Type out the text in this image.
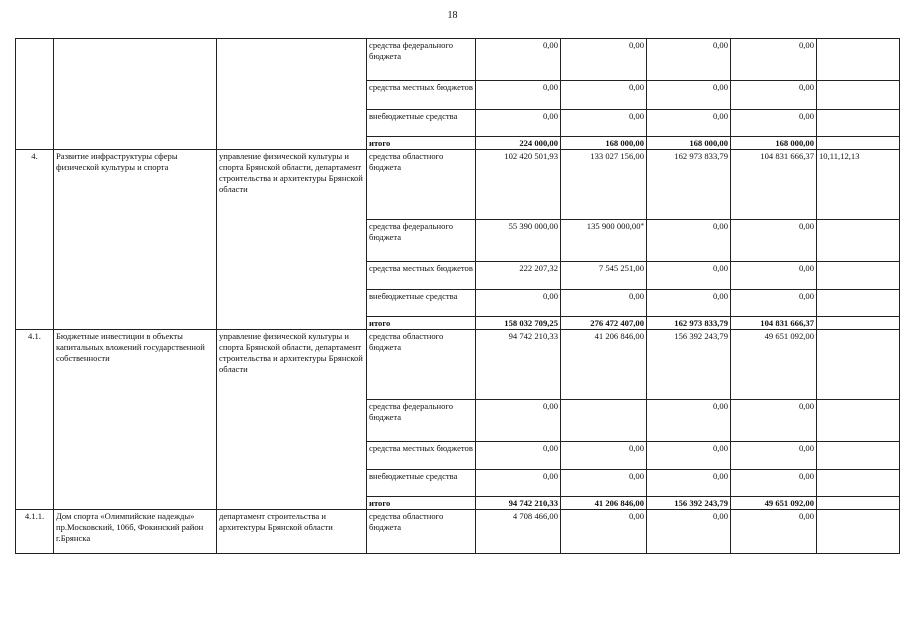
18
			средства федерального бюджета	0,00	0,00	0,00	0,00	
			средства местных бюджетов	0,00	0,00	0,00	0,00	
			внебюджетные средства	0,00	0,00	0,00	0,00	
			итого	224 000,00	168 000,00	168 000,00	168 000,00	
4.	Развитие инфраструктуры сферы физической культуры и спорта	управление физической культуры и спорта Брянской области, департамент строительства и архитектуры Брянской области	средства областного бюджета	102 420 501,93	133 027 156,00	162 973 833,79	104 831 666,37	10,11,12,13
			средства федерального бюджета	55 390 000,00	135 900 000,00*	0,00	0,00	
			средства местных бюджетов	222 207,32	7 545 251,00	0,00	0,00	
			внебюджетные средства	0,00	0,00	0,00	0,00	
			итого	158 032 709,25	276 472 407,00	162 973 833,79	104 831 666,37	
4.1.	Бюджетные инвестиции в объекты капитальных вложений государственной собственности	управление физической культуры и спорта Брянской области, департамент строительства и архитектуры Брянской области	средства областного бюджета	94 742 210,33	41 206 846,00	156 392 243,79	49 651 092,00	
			средства федерального бюджета	0,00		0,00	0,00	
			средства местных бюджетов	0,00	0,00	0,00	0,00	
			внебюджетные средства	0,00	0,00	0,00	0,00	
			итого	94 742 210,33	41 206 846,00	156 392 243,79	49 651 092,00	
4.1.1.	Дом спорта «Олимпийские надежды» пр.Московский, 106б, Фокинский район г.Брянска	департамент строительства и архитектуры Брянской области	средства областного бюджета	4 708 466,00	0,00	0,00	0,00	
